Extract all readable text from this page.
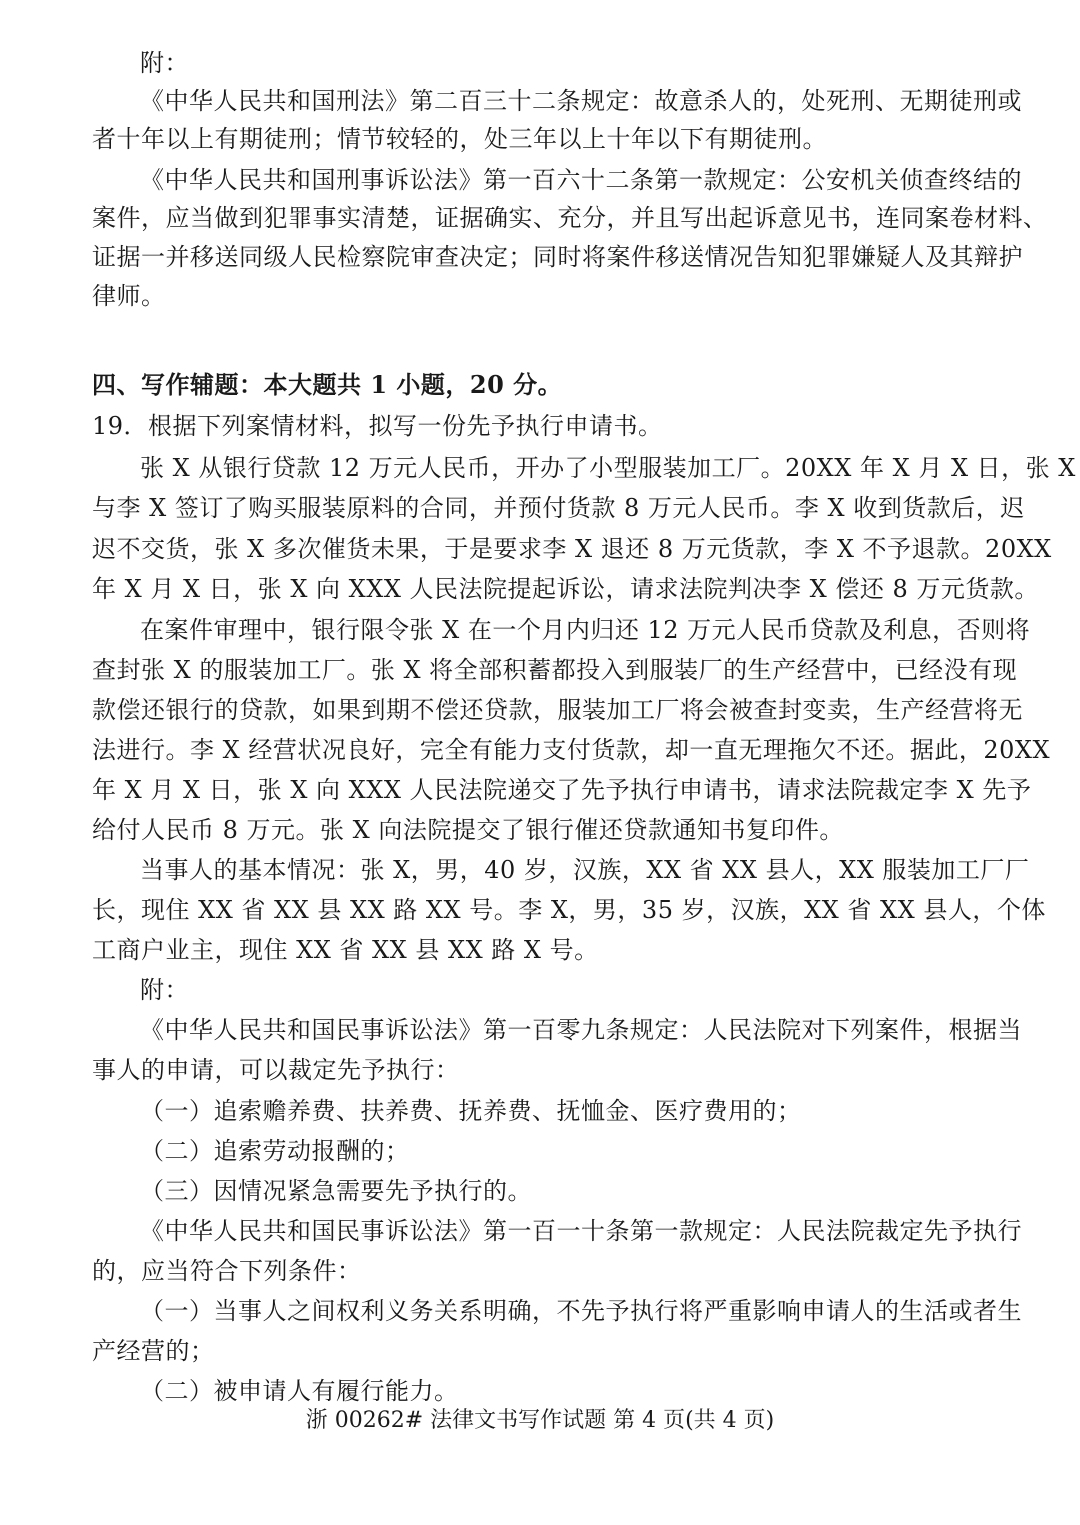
附：
《中华人民共和国刑法》第二百三十二条规定：故意杀人的，处死刑、无期徒刑或
者十年以上有期徒刑；情节较轻的，处三年以上十年以下有期徒刑。
《中华人民共和国刑事诉讼法》第一百六十二条第一款规定：公安机关侦查终结的
案件，应当做到犯罪事实清楚，证据确实、充分，并且写出起诉意见书，连同案卷材料、
证据一并移送同级人民检察院审查决定；同时将案件移送情况告知犯罪嫌疑人及其辩护
律师。
四、写作辅题：本大题共 1 小题，20 分。
19．根据下列案情材料，拟写一份先予执行申请书。
张 X 从银行贷款 12 万元人民币，开办了小型服装加工厂。20XX 年 X 月 X 日，张 X
与李 X 签订了购买服装原料的合同，并预付货款 8 万元人民币。李 X 收到货款后，迟
迟不交货，张 X 多次催货未果，于是要求李 X 退还 8 万元货款，李 X 不予退款。20XX
年 X 月 X 日，张 X 向 XXX 人民法院提起诉讼，请求法院判决李 X 偿还 8 万元货款。
在案件审理中，银行限令张 X 在一个月内归还 12 万元人民币贷款及利息，否则将
查封张 X 的服装加工厂。张 X 将全部积蓄都投入到服装厂的生产经营中，已经没有现
款偿还银行的贷款，如果到期不偿还贷款，服装加工厂将会被查封变卖，生产经营将无
法进行。李 X 经营状况良好，完全有能力支付货款，却一直无理拖欠不还。据此，20XX
年 X 月 X 日，张 X 向 XXX 人民法院递交了先予执行申请书，请求法院裁定李 X 先予
给付人民币 8 万元。张 X 向法院提交了银行催还贷款通知书复印件。
当事人的基本情况：张 X，男，40 岁，汉族，XX 省 XX 县人，XX 服装加工厂厂
长，现住 XX 省 XX 县 XX 路 XX 号。李 X，男，35 岁，汉族，XX 省 XX 县人，个体
工商户业主，现住 XX 省 XX 县 XX 路 X 号。
附：
《中华人民共和国民事诉讼法》第一百零九条规定：人民法院对下列案件，根据当
事人的申请，可以裁定先予执行：
（一）追索赡养费、扶养费、抚养费、抚恤金、医疗费用的；
（二）追索劳动报酬的；
（三）因情况紧急需要先予执行的。
《中华人民共和国民事诉讼法》第一百一十条第一款规定：人民法院裁定先予执行
的，应当符合下列条件：
（一）当事人之间权利义务关系明确，不先予执行将严重影响申请人的生活或者生
产经营的；
（二）被申请人有履行能力。
浙 00262# 法律文书写作试题 第 4 页(共 4 页)
